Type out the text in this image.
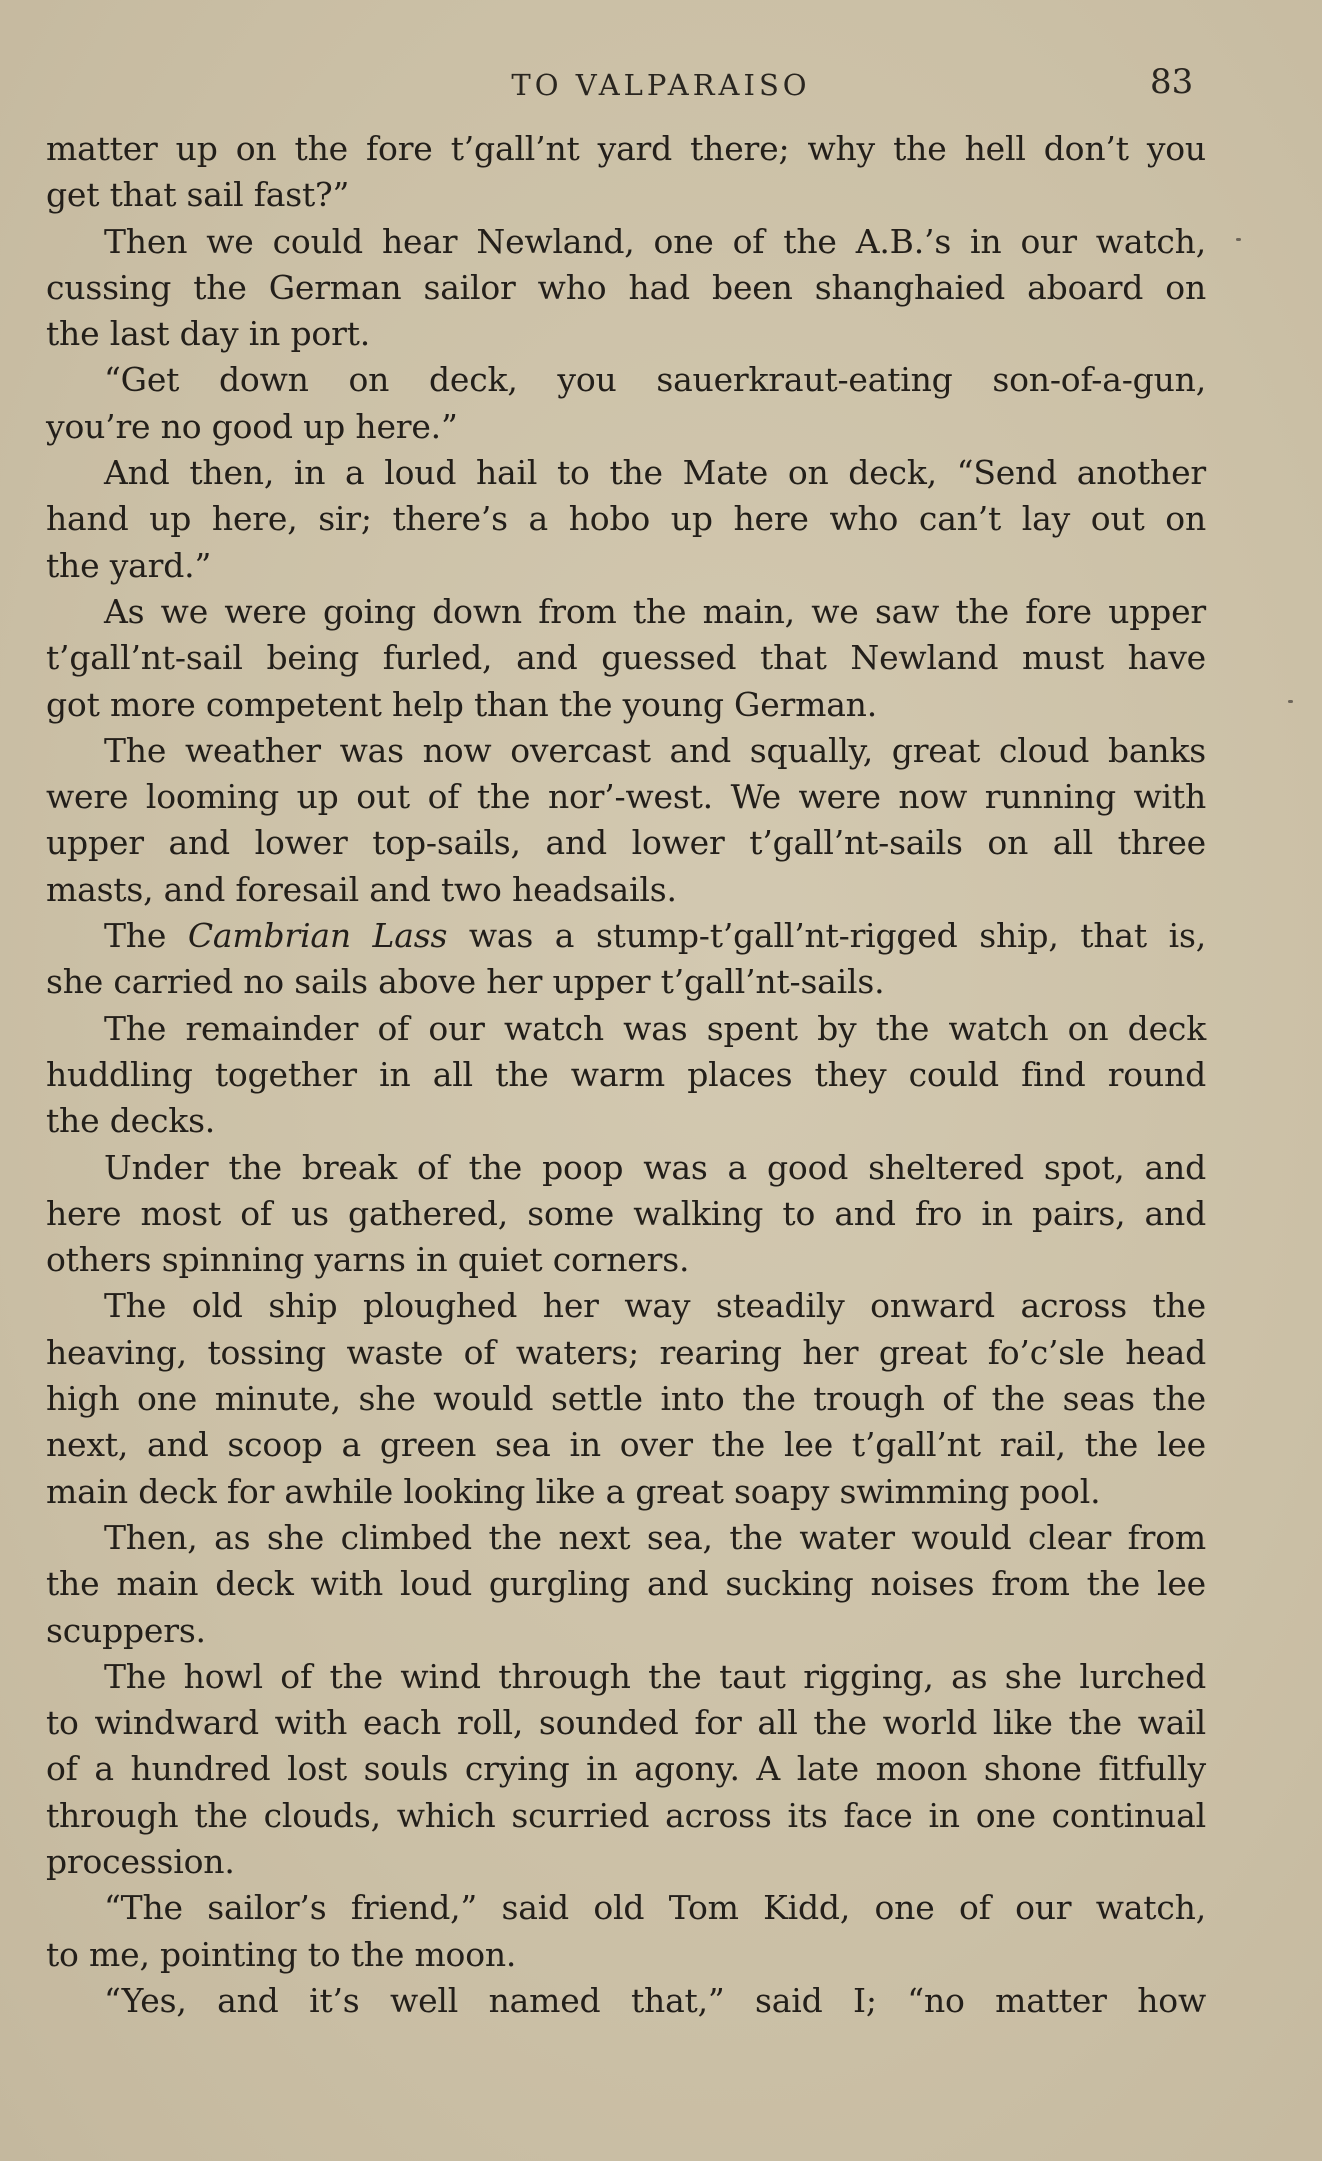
TO VALPARAISO	83
matter up on the fore t’gall’nt yard there; why the hell don’t you
get that sail fast?”
Then we could hear Newland, one of the A.B.’s in our watch,
cussing the German sailor who had been shanghaied aboard on
the last day in port.
“Get down on deck, you sauerkraut-eating son-of-a-gun,
you’re no good up here.”
And then, in a loud hail to the Mate on deck, “Send another
hand up here, sir; there’s a hobo up here who can’t lay out on
the yard.”
As we were going down from the main, we saw the fore upper
t’gall’nt-sail being furled, and guessed that Newland must have
got more competent help than the young German.
The weather was now overcast and squally, great cloud banks
were looming up out of the nor’-west. We were now running with
upper and lower top-sails, and lower t’gall’nt-sails on all three
masts, and foresail and two headsails.
The Cambrian Lass was a stump-t’gall’nt-rigged ship, that is,
she carried no sails above her upper t’gall’nt-sails.
The remainder of our watch was spent by the watch on deck
huddling together in all the warm places they could find round
the decks.
Under the break of the poop was a good sheltered spot, and
here most of us gathered, some walking to and fro in pairs, and
others spinning yarns in quiet corners.
The old ship ploughed her way steadily onward across the
heaving, tossing waste of waters; rearing her great fo’c’sle head
high one minute, she would settle into the trough of the seas the
next, and scoop a green sea in over the lee t’gall’nt rail, the lee
main deck for awhile looking like a great soapy swimming pool.
Then, as she climbed the next sea, the water would clear from
the main deck with loud gurgling and sucking noises from the lee
scuppers.
The howl of the wind through the taut rigging, as she lurched
to windward with each roll, sounded for all the world like the wail
of a hundred lost souls crying in agony. A late moon shone fitfully
through the clouds, which scurried across its face in one continual
procession.
“The sailor’s friend,” said old Tom Kidd, one of our watch,
to me, pointing to the moon.
“Yes, and it’s well named that,” said I; “no matter how
